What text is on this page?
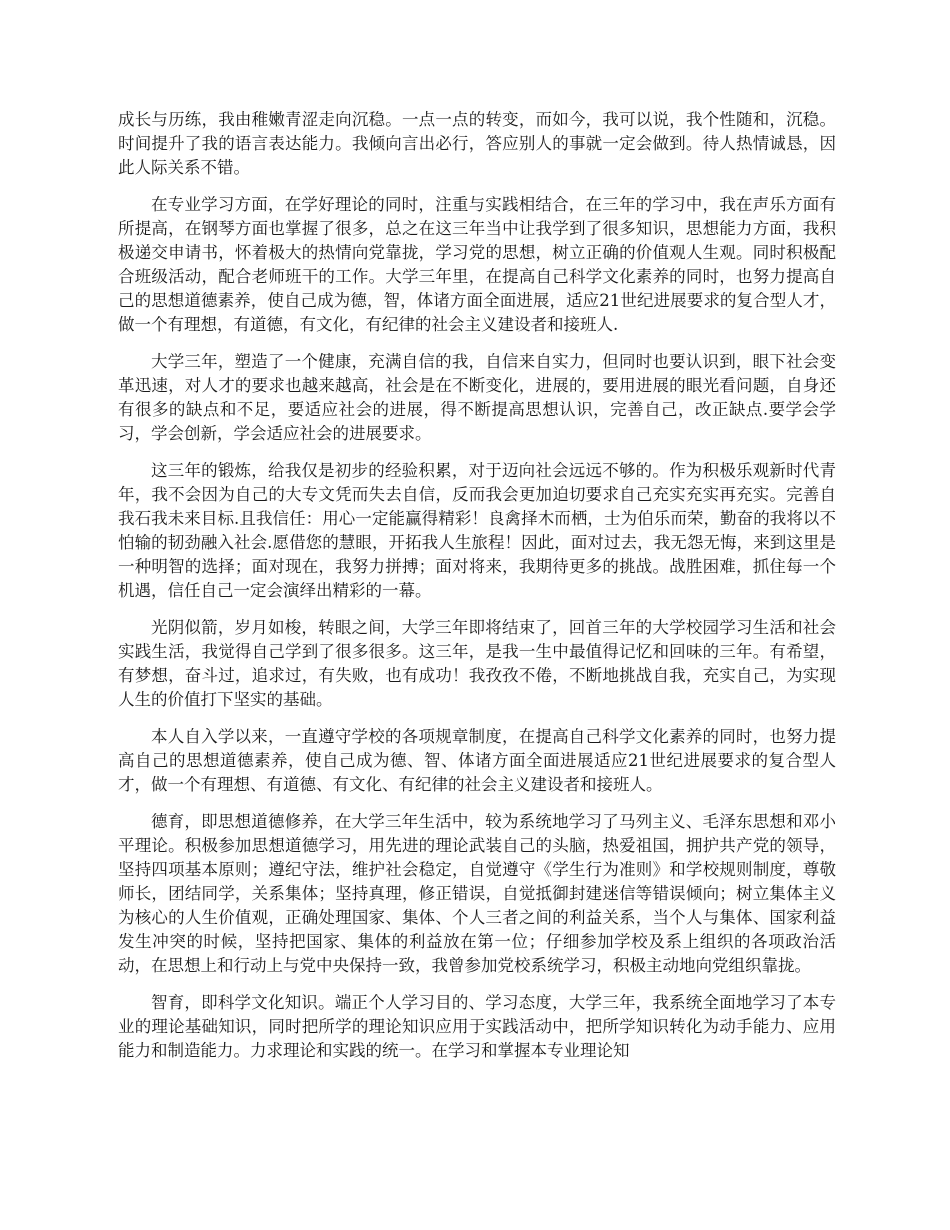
成长与历练，我由稚嫩青涩走向沉稳。一点一点的转变，而如今，我可以说，我个性随和，沉稳。时间提升了我的语言表达能力。我倾向言出必行，答应别人的事就一定会做到。待人热情诚恳，因此人际关系不错。

在专业学习方面，在学好理论的同时，注重与实践相结合，在三年的学习中，我在声乐方面有所提高，在钢琴方面也掌握了很多，总之在这三年当中让我学到了很多知识，思想能力方面，我积极递交申请书，怀着极大的热情向党靠拢，学习党的思想，树立正确的价值观人生观。同时积极配合班级活动，配合老师班干的工作。大学三年里，在提高自己科学文化素养的同时，也努力提高自己的思想道德素养，使自己成为德，智，体诸方面全面进展，适应21世纪进展要求的复合型人才，做一个有理想，有道德，有文化，有纪律的社会主义建设者和接班人.

大学三年，塑造了一个健康，充满自信的我，自信来自实力，但同时也要认识到，眼下社会变革迅速，对人才的要求也越来越高，社会是在不断变化，进展的，要用进展的眼光看问题，自身还有很多的缺点和不足，要适应社会的进展，得不断提高思想认识，完善自己，改正缺点.要学会学习，学会创新，学会适应社会的进展要求。

这三年的锻炼，给我仅是初步的经验积累，对于迈向社会远远不够的。作为积极乐观新时代青年，我不会因为自己的大专文凭而失去自信，反而我会更加迫切要求自己充实充实再充实。完善自我石我未来目标.且我信任：用心一定能赢得精彩！良禽择木而栖，士为伯乐而荣，勤奋的我将以不怕输的韧劲融入社会.愿借您的慧眼，开拓我人生旅程！因此，面对过去，我无怨无悔，来到这里是一种明智的选择；面对现在，我努力拼搏；面对将来，我期待更多的挑战。战胜困难，抓住每一个机遇，信任自己一定会演绎出精彩的一幕。

光阴似箭，岁月如梭，转眼之间，大学三年即将结束了，回首三年的大学校园学习生活和社会实践生活，我觉得自己学到了很多很多。这三年，是我一生中最值得记忆和回味的三年。有希望，有梦想，奋斗过，追求过，有失败，也有成功！我孜孜不倦，不断地挑战自我，充实自己，为实现人生的价值打下坚实的基础。

本人自入学以来，一直遵守学校的各项规章制度，在提高自己科学文化素养的同时，也努力提高自己的思想道德素养，使自己成为德、智、体诸方面全面进展适应21世纪进展要求的复合型人才，做一个有理想、有道德、有文化、有纪律的社会主义建设者和接班人。

德育，即思想道德修养，在大学三年生活中，较为系统地学习了马列主义、毛泽东思想和邓小平理论。积极参加思想道德学习，用先进的理论武装自己的头脑，热爱祖国，拥护共产党的领导，坚持四项基本原则；遵纪守法，维护社会稳定，自觉遵守《学生行为准则》和学校规则制度，尊敬师长，团结同学，关系集体；坚持真理，修正错误，自觉抵御封建迷信等错误倾向；树立集体主义为核心的人生价值观，正确处理国家、集体、个人三者之间的利益关系，当个人与集体、国家利益发生冲突的时候，坚持把国家、集体的利益放在第一位；仔细参加学校及系上组织的各项政治活动，在思想上和行动上与党中央保持一致，我曾参加党校系统学习，积极主动地向党组织靠拢。

智育，即科学文化知识。端正个人学习目的、学习态度，大学三年，我系统全面地学习了本专业的理论基础知识，同时把所学的理论知识应用于实践活动中，把所学知识转化为动手能力、应用能力和制造能力。力求理论和实践的统一。在学习和掌握本专业理论知
